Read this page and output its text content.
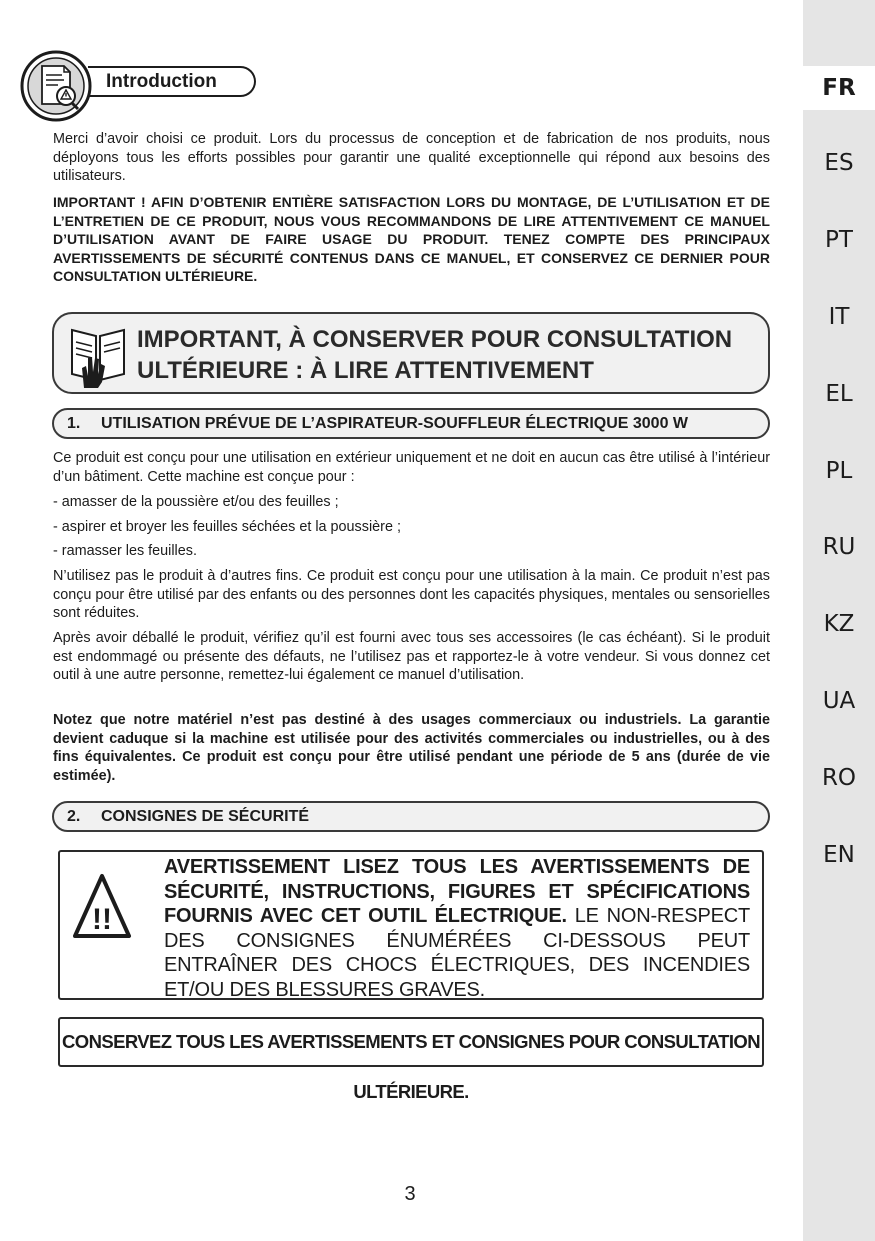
FR
ES
PT
IT
EL
PL
RU
KZ
UA
RO
EN
Introduction

Merci d’avoir choisi ce produit. Lors du processus de conception et de fabrication de nos produits, nous déployons tous les efforts possibles pour garantir une qualité exceptionnelle qui répond aux besoins des utilisateurs.

IMPORTANT ! AFIN D’OBTENIR ENTIÈRE SATISFACTION LORS DU MONTAGE, DE L’UTILISATION ET DE L’ENTRETIEN DE CE PRODUIT, NOUS VOUS RECOMMANDONS DE LIRE ATTENTIVEMENT CE MANUEL D’UTILISATION AVANT DE FAIRE USAGE DU PRODUIT. TENEZ COMPTE DES PRINCIPAUX AVERTISSEMENTS DE SÉCURITÉ CONTENUS DANS CE MANUEL, ET CONSERVEZ CE DERNIER POUR CONSULTATION ULTÉRIEURE.

IMPORTANT, À CONSERVER POUR CONSULTATION
ULTÉRIEURE : À LIRE ATTENTIVEMENT

1. UTILISATION PRÉVUE DE L’ASPIRATEUR-SOUFFLEUR ÉLECTRIQUE 3000 W

Ce produit est conçu pour une utilisation en extérieur uniquement et ne doit en aucun cas être utilisé à l’intérieur d’un bâtiment. Cette machine est conçue pour :

- amasser de la poussière et/ou des feuilles ;

- aspirer et broyer les feuilles séchées et la poussière ;

- ramasser les feuilles.

N’utilisez pas le produit à d’autres fins. Ce produit est conçu pour une utilisation à la main. Ce produit n’est pas conçu pour être utilisé par des enfants ou des personnes dont les capacités physiques, mentales ou sensorielles sont réduites.

Après avoir déballé le produit, vérifiez qu’il est fourni avec tous ses accessoires (le cas échéant). Si le produit est endommagé ou présente des défauts, ne l’utilisez pas et rapportez-le à votre vendeur. Si vous donnez cet outil à une autre personne, remettez-lui également ce manuel d’utilisation.

Notez que notre matériel n’est pas destiné à des usages commerciaux ou industriels. La garantie devient caduque si la machine est utilisée pour des activités commerciales ou industrielles, ou à des fins équivalentes. Ce produit est conçu pour être utilisé pendant une période de 5 ans (durée de vie estimée).

2. CONSIGNES DE SÉCURITÉ
!!

AVERTISSEMENT LISEZ TOUS LES AVERTISSEMENTS DE SÉCURITÉ, INSTRUCTIONS, FIGURES ET SPÉCIFICATIONS FOURNIS AVEC CET OUTIL ÉLECTRIQUE. LE NON-RESPECT DES CONSIGNES ÉNUMÉRÉES CI-DESSOUS PEUT ENTRAÎNER DES CHOCS ÉLECTRIQUES, DES INCENDIES ET/OU DES BLESSURES GRAVES.

CONSERVEZ TOUS LES AVERTISSEMENTS ET CONSIGNES POUR CONSULTATION ULTÉRIEURE.
3
